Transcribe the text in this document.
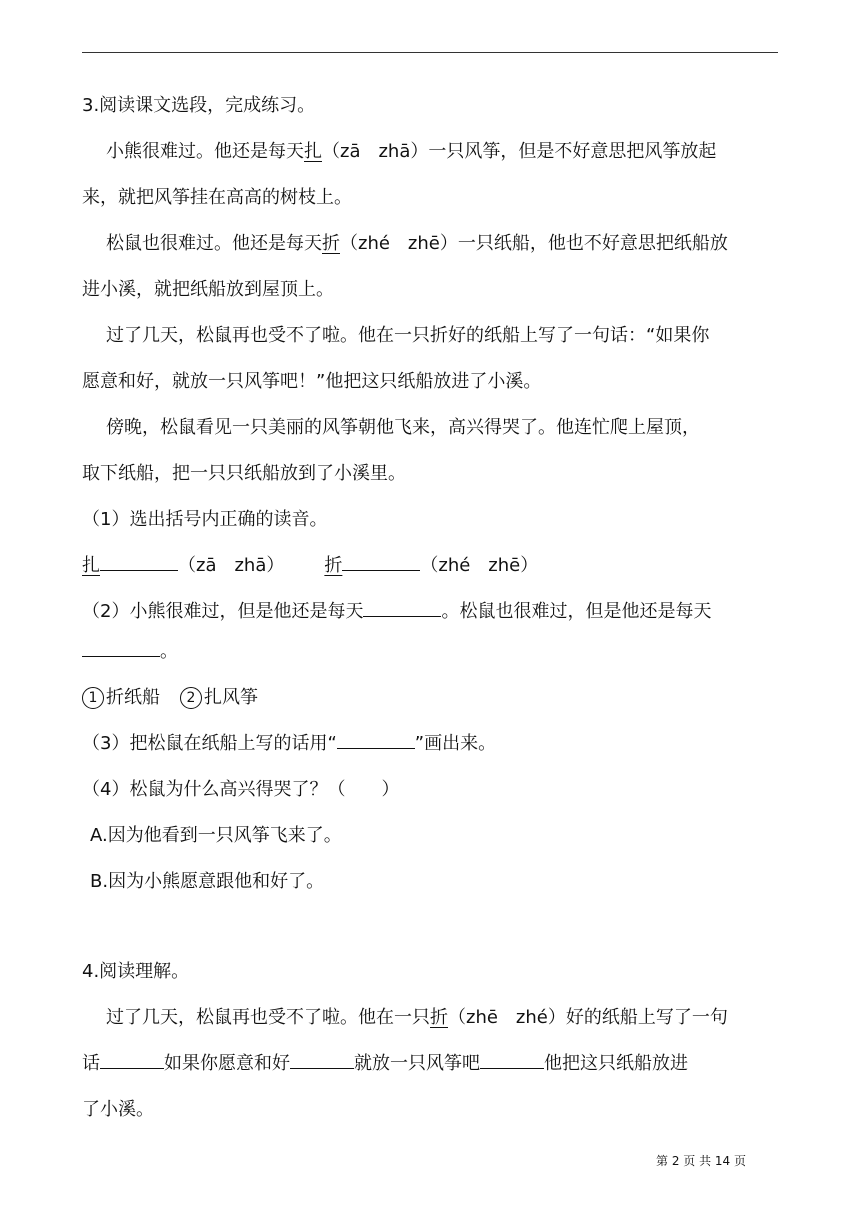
3.阅读课文选段，完成练习。
小熊很难过。他还是每天扎（zā　zhā）一只风筝，但是不好意思把风筝放起
来，就把风筝挂在高高的树枝上。
松鼠也很难过。他还是每天折（zhé　zhē）一只纸船，他也不好意思把纸船放
进小溪，就把纸船放到屋顶上。
过了几天，松鼠再也受不了啦。他在一只折好的纸船上写了一句话：“如果你
愿意和好，就放一只风筝吧！”他把这只纸船放进了小溪。
傍晚，松鼠看见一只美丽的风筝朝他飞来，高兴得哭了。他连忙爬上屋顶，
取下纸船，把一只只纸船放到了小溪里。
（1）选出括号内正确的读音。
扎	（zā　zhā） 折	（zhé　zhē）
（2）小熊很难过，但是他还是每天	。松鼠也很难过，但是他还是每天
。
1 折纸船 2 扎风筝
（3）把松鼠在纸船上写的话用“	”画出来。
（4）松鼠为什么高兴得哭了？（　　）
A.因为他看到一只风筝飞来了。
B.因为小熊愿意跟他和好了。
4.阅读理解。
过了几天，松鼠再也受不了啦。他在一只折（zhē　zhé）好的纸船上写了一句
话	如果你愿意和好	就放一只风筝吧	他把这只纸船放进
了小溪。
第 2 页 共 14 页
